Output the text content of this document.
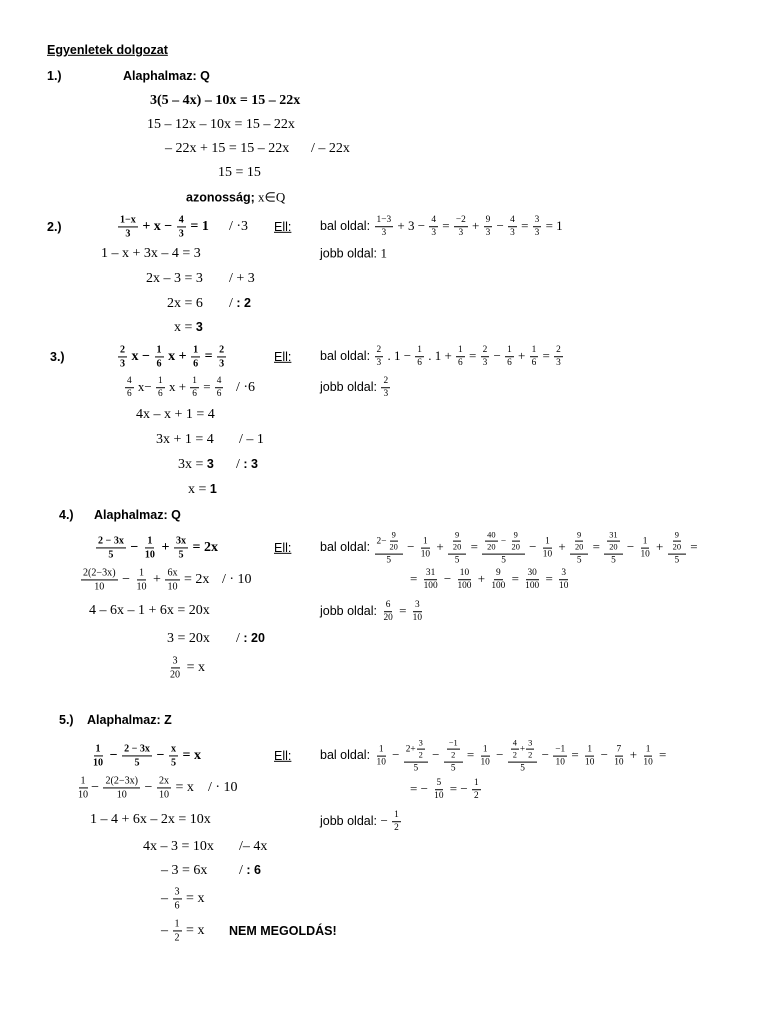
Egyenletek dolgozat
1.)	Alaphalmaz: Q
3(5 – 4x) – 10x = 15 – 22x
15 – 12x – 10x = 15 – 22x
– 22x + 15 = 15 – 22x / – 22x
15 = 15
azonosság; x∈Q
2.)	$\frac{1-x}{3} + x - \frac{4}{3} = 1 / \cdot 3$ Ell: bal oldal: $\frac{1-3}{3} + 3 - \frac{4}{3} = \frac{-2}{3} + \frac{9}{3} - \frac{4}{3} = \frac{3}{3} = 1$
1 – x + 3x – 4 = 3	jobb oldal: 1
2x – 3 = 3 / + 3
2x = 6 / : 2
x = 3
3.)	$\frac{2}{3}$ $x - \frac{1}{6}$ $x + \frac{1}{6} = \frac{2}{3}$	Ell: bal oldal: $\frac{2}{3}$ . $1 - \frac{1}{6}$ . $1 + \frac{1}{6} = \frac{2}{3} - \frac{1}{6} + \frac{1}{6} = \frac{2}{3}$
$\frac{4}{6} x- \frac{1}{6}$ $x + \frac{1}{6} = \frac{4}{6} / \cdot 6$	jobb oldal: $\frac{2}{3}$
4x – x + 1 = 4
3x + 1 = 4 / – 1
3x = 3 / : 3
x = 1
4.) Alaphalmaz: Q
$\frac{2 - 3x}{5} - \frac{1}{10} + \frac{3x}{5} = 2x$	Ell: bal oldal: $\frac{2- \frac{9}{20}}{5} - \frac{1}{10} + \frac{\frac{9}{20}}{5} = \frac{\frac{40}{20} - \frac{9}{20}}{5} - \frac{1}{10} + \frac{\frac{9}{20}}{5} = \frac{\frac{31}{20}}{5} - \frac{1}{10} + \frac{\frac{9}{20}}{5}$ =
$\frac{2(2-3x)}{10} - \frac{1}{10} + \frac{6x}{10} = 2x$ / · 10	= $\frac{31}{100} - \frac{10}{100} + \frac{9}{100} = \frac{30}{100} = \frac{3}{10}$
4 – 6x – 1 + 6x = 20x	jobb oldal: $\frac{6}{20} = \frac{3}{10}$
3 = 20x / : 20
$\frac{3}{20} = x$
5.) Alaphalmaz: Z
$\frac{1}{10} - \frac{2 - 3x}{5} - \frac{x}{5} = x$	Ell: bal oldal: $\frac{1}{10} - \frac{2+ \frac{3}{2}}{5} - \frac{\frac{-1}{2}}{5} = \frac{1}{10} - \frac{\frac{4}{2} + \frac{3}{2}}{5} - \frac{-1}{10} = \frac{1}{10} - \frac{7}{10} + \frac{1}{10}$ =
$\frac{1}{10} - \frac{2(2-3x)}{10} - \frac{2x}{10} = x$ / · 10	= − $\frac{5}{10}$ = − $\frac{1}{2}$
1 – 4 + 6x – 2x = 10x	jobb oldal: − $\frac{1}{2}$
4x – 3 = 10x /– 4x
– 3 = 6x / : 6
– $\frac{3}{6} = x$
– $\frac{1}{2} = x$ NEM MEGOLDÁS!
